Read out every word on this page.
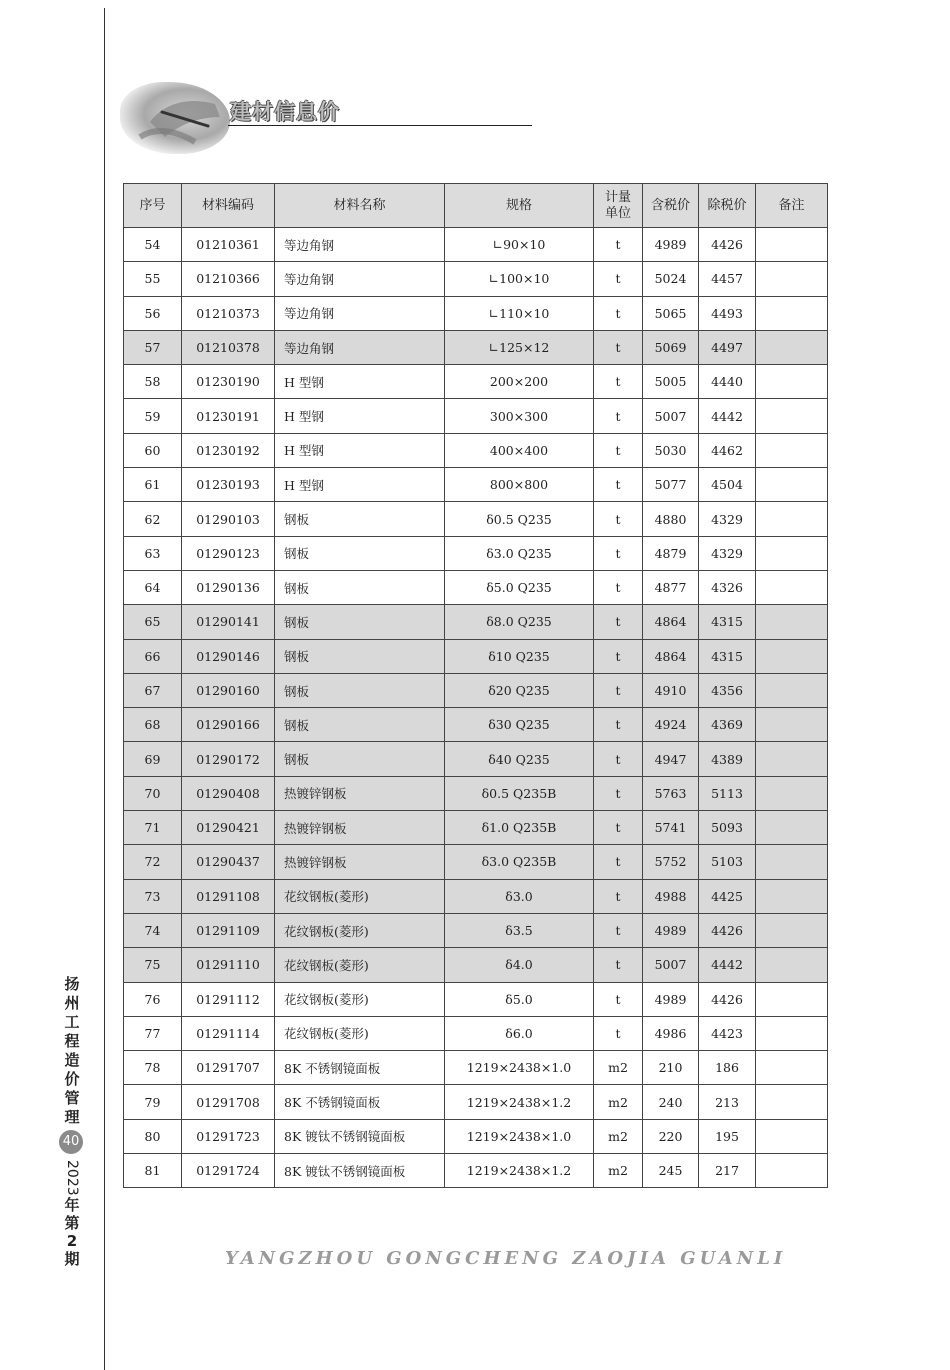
建材信息价
序号	材料编码	材料名称	规格	计量单位	含税价	除税价	备注
54	01210361	等边角钢	∟90×10	t	4989	4426	
55	01210366	等边角钢	∟100×10	t	5024	4457	
56	01210373	等边角钢	∟110×10	t	5065	4493	
57	01210378	等边角钢	∟125×12	t	5069	4497	
58	01230190	H 型钢	200×200	t	5005	4440	
59	01230191	H 型钢	300×300	t	5007	4442	
60	01230192	H 型钢	400×400	t	5030	4462	
61	01230193	H 型钢	800×800	t	5077	4504	
62	01290103	钢板	δ0.5 Q235	t	4880	4329	
63	01290123	钢板	δ3.0 Q235	t	4879	4329	
64	01290136	钢板	δ5.0 Q235	t	4877	4326	
65	01290141	钢板	δ8.0 Q235	t	4864	4315	
66	01290146	钢板	δ10 Q235	t	4864	4315	
67	01290160	钢板	δ20 Q235	t	4910	4356	
68	01290166	钢板	δ30 Q235	t	4924	4369	
69	01290172	钢板	δ40 Q235	t	4947	4389	
70	01290408	热镀锌钢板	δ0.5 Q235B	t	5763	5113	
71	01290421	热镀锌钢板	δ1.0 Q235B	t	5741	5093	
72	01290437	热镀锌钢板	δ3.0 Q235B	t	5752	5103	
73	01291108	花纹钢板(菱形)	δ3.0	t	4988	4425	
74	01291109	花纹钢板(菱形)	δ3.5	t	4989	4426	
75	01291110	花纹钢板(菱形)	δ4.0	t	5007	4442	
76	01291112	花纹钢板(菱形)	δ5.0	t	4989	4426	
77	01291114	花纹钢板(菱形)	δ6.0	t	4986	4423	
78	01291707	8K 不锈钢镜面板	1219×2438×1.0	m2	210	186	
79	01291708	8K 不锈钢镜面板	1219×2438×1.2	m2	240	213	
80	01291723	8K 镀钛不锈钢镜面板	1219×2438×1.0	m2	220	195	
81	01291724	8K 镀钛不锈钢镜面板	1219×2438×1.2	m2	245	217	
扬
州
工
程
造
价
管
理
40
2023
年
第
2
期	YANGZHOU GONGCHENG ZAOJIA GUANLI
